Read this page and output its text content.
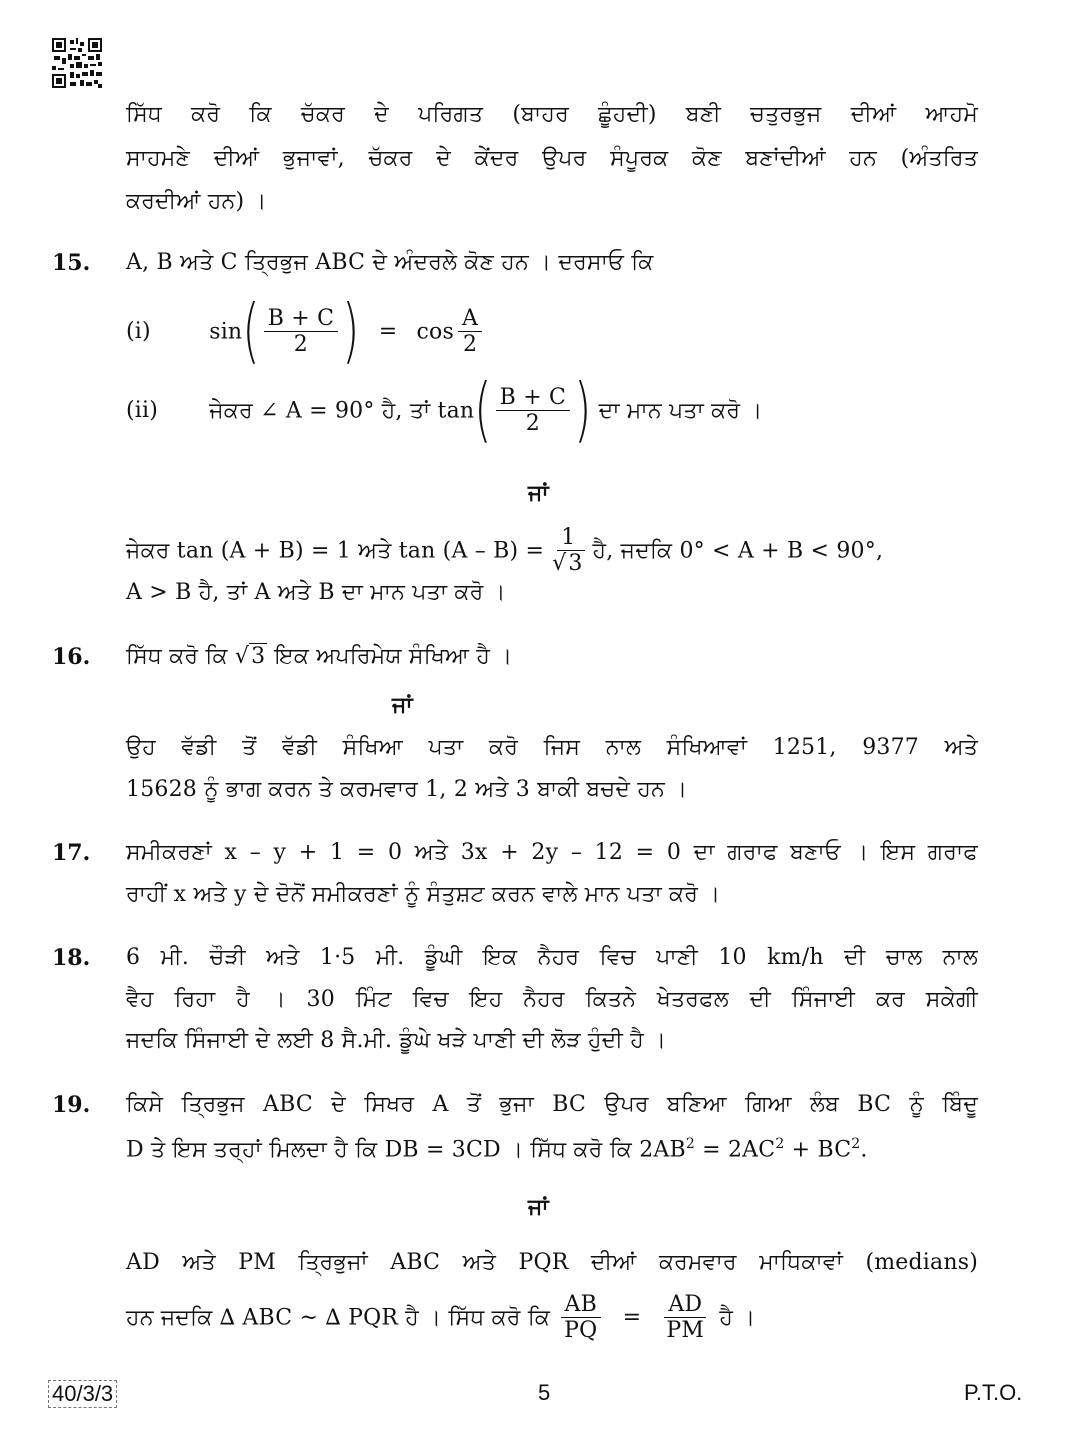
ਸਿੱਧ ਕਰੋ ਕਿ ਚੱਕਰ ਦੇ ਪਰਿਗਤ (ਬਾਹਰ ਛੂੰਹਦੀ) ਬਣੀ ਚਤੁਰਭੁਜ ਦੀਆਂ ਆਹਮੋ
ਸਾਹਮਣੇ ਦੀਆਂ ਭੁਜਾਵਾਂ, ਚੱਕਰ ਦੇ ਕੇਂਦਰ ਉਪਰ ਸੰਪੂਰਕ ਕੋਣ ਬਣਾਂਦੀਆਂ ਹਨ (ਅੰਤਰਿਤ
ਕਰਦੀਆਂ ਹਨ) ।
15. A, B ਅਤੇ C ਤ੍ਰਿਭੁਜ ABC ਦੇ ਅੰਦਰਲੇ ਕੋਣ ਹਨ । ਦਰਸਾਓ ਕਿ
(i)	sin ( $\frac{B + C}{2}$ ) = $\cos \frac{A}{2}$
(ii) ਜੇਕਰ ∠ A = 90° ਹੈ, ਤਾਂ tan ( $\frac{B + C}{2}$ ) ਦਾ ਮਾਨ ਪਤਾ ਕਰੋ ।
ਜਾਂ
ਜੇਕਰ tan (A + B) = 1 ਅਤੇ $\tan (A - B) = \frac{1}{√3}$ ਹੈ, ਜਦਕਿ 0° < A + B < 90°,
A > B ਹੈ, ਤਾਂ A ਅਤੇ B ਦਾ ਮਾਨ ਪਤਾ ਕਰੋ ।
16. ਸਿੱਧ ਕਰੋ ਕਿ √3 ਇਕ ਅਪਰਿਮੇਯ ਸੰਖਿਆ ਹੈ ।
ਜਾਂ
ਉਹ ਵੱਡੀ ਤੋਂ ਵੱਡੀ ਸੰਖਿਆ ਪਤਾ ਕਰੋ ਜਿਸ ਨਾਲ ਸੰਖਿਆਵਾਂ 1251, 9377 ਅਤੇ
15628 ਨੂੰ ਭਾਗ ਕਰਨ ਤੇ ਕਰਮਵਾਰ 1, 2 ਅਤੇ 3 ਬਾਕੀ ਬਚਦੇ ਹਨ ।
17. ਸਮੀਕਰਣਾਂ x – y + 1 = 0 ਅਤੇ 3x + 2y – 12 = 0 ਦਾ ਗਰਾਫ ਬਣਾਓ । ਇਸ ਗਰਾਫ
ਰਾਹੀਂ x ਅਤੇ y ਦੇ ਦੋਨੋਂ ਸਮੀਕਰਣਾਂ ਨੂੰ ਸੰਤੁਸ਼ਟ ਕਰਨ ਵਾਲੇ ਮਾਨ ਪਤਾ ਕਰੋ ।
18. 6 ਮੀ. ਚੌੜੀ ਅਤੇ 1·5 ਮੀ. ਡੂੰਘੀ ਇਕ ਨੈਹਰ ਵਿਚ ਪਾਣੀ 10 km/h ਦੀ ਚਾਲ ਨਾਲ
ਵੈਹ ਰਿਹਾ ਹੈ । 30 ਮਿੰਟ ਵਿਚ ਇਹ ਨੈਹਰ ਕਿਤਨੇ ਖੇਤਰਫਲ ਦੀ ਸਿੰਜਾਈ ਕਰ ਸਕੇਗੀ
ਜਦਕਿ ਸਿੰਜਾਈ ਦੇ ਲਈ 8 ਸੈ.ਮੀ. ਡੂੰਘੇ ਖੜੇ ਪਾਣੀ ਦੀ ਲੋੜ ਹੁੰਦੀ ਹੈ ।
19. ਕਿਸੇ ਤ੍ਰਿਭੁਜ ABC ਦੇ ਸਿਖਰ A ਤੋਂ ਭੁਜਾ BC ਉਪਰ ਬਣਿਆ ਗਿਆ ਲੰਬ BC ਨੂੰ ਬਿੰਦੂ
D ਤੇ ਇਸ ਤਰ੍ਹਾਂ ਮਿਲਦਾ ਹੈ ਕਿ DB = 3CD । ਸਿੱਧ ਕਰੋ ਕਿ $2AB^2 = 2AC^2 + BC^2$.
ਜਾਂ
AD ਅਤੇ PM ਤ੍ਰਿਭੁਜਾਂ ABC ਅਤੇ PQR ਦੀਆਂ ਕਰਮਵਾਰ ਮਾਧਿਕਾਵਾਂ (medians)
ਹਨ ਜਦਕਿ ∆ ABC ~ ∆ PQR ਹੈ । ਸਿੱਧ ਕਰੋ ਕਿ $\frac{AB}{PQ} = \frac{AD}{PM}$ ਹੈ ।
40/3/3	5	P.T.O.
